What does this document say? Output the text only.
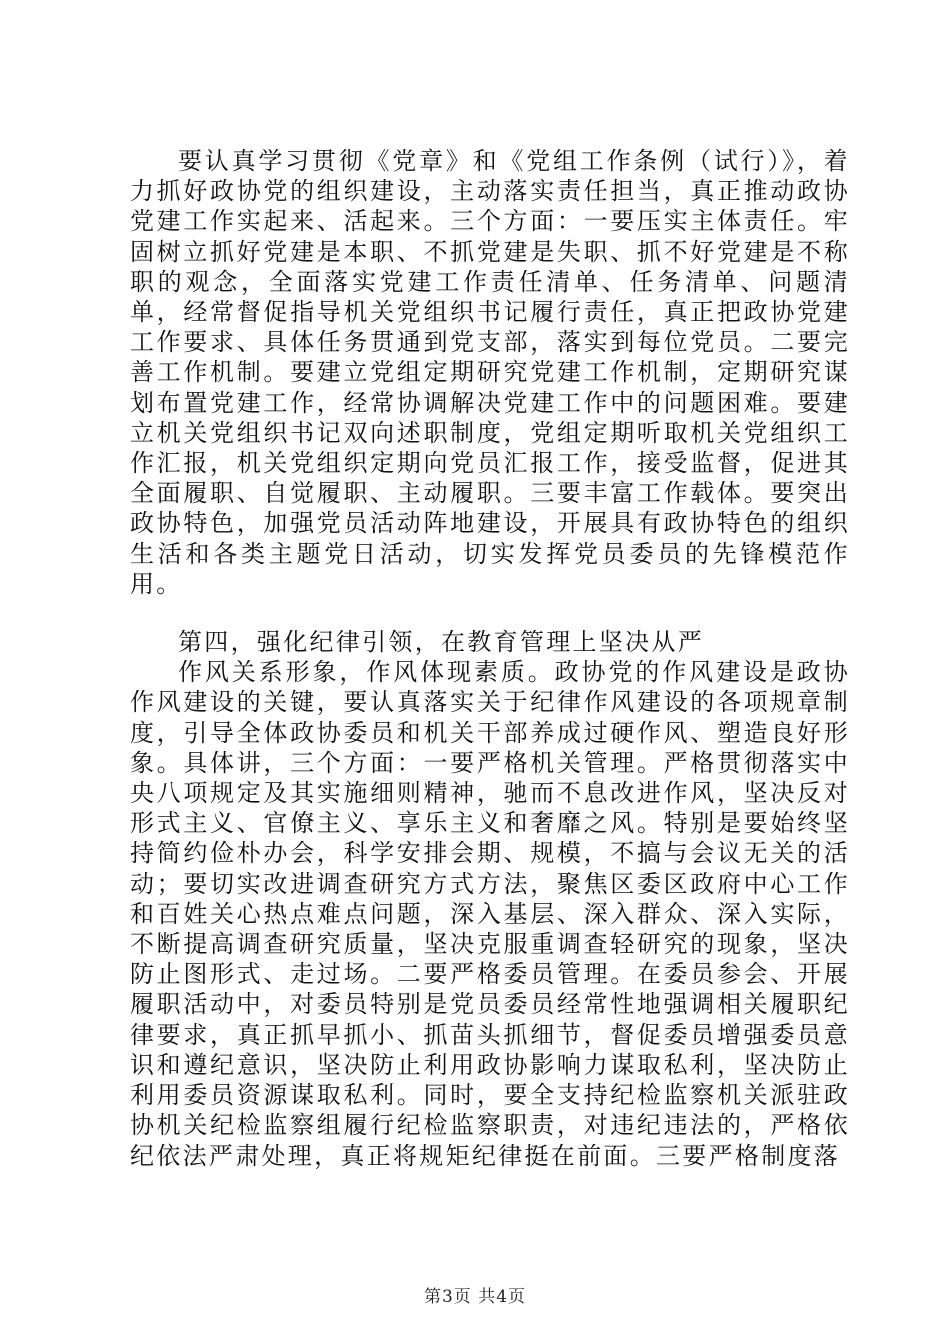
要认真学习贯彻《党章》和《党组工作条例（试行）》，着力抓好政协党的组织建设，主动落实责任担当，真正推动政协党建工作实起来、活起来。三个方面：一要压实主体责任。牢固树立抓好党建是本职、不抓党建是失职、抓不好党建是不称职的观念，全面落实党建工作责任清单、任务清单、问题清单，经常督促指导机关党组织书记履行责任，真正把政协党建工作要求、具体任务贯通到党支部，落实到每位党员。二要完善工作机制。要建立党组定期研究党建工作机制，定期研究谋划布置党建工作，经常协调解决党建工作中的问题困难。要建立机关党组织书记双向述职制度，党组定期听取机关党组织工作汇报，机关党组织定期向党员汇报工作，接受监督，促进其全面履职、自觉履职、主动履职。三要丰富工作载体。要突出政协特色，加强党员活动阵地建设，开展具有政协特色的组织生活和各类主题党日活动，切实发挥党员委员的先锋模范作用。

第四，强化纪律引领，在教育管理上坚决从严

作风关系形象，作风体现素质。政协党的作风建设是政协作风建设的关键，要认真落实关于纪律作风建设的各项规章制度，引导全体政协委员和机关干部养成过硬作风、塑造良好形象。具体讲，三个方面：一要严格机关管理。严格贯彻落实中央八项规定及其实施细则精神，驰而不息改进作风，坚决反对形式主义、官僚主义、享乐主义和奢靡之风。特别是要始终坚持简约俭朴办会，科学安排会期、规模，不搞与会议无关的活动；要切实改进调查研究方式方法，聚焦区委区政府中心工作和百姓关心热点难点问题，深入基层、深入群众、深入实际，不断提高调查研究质量，坚决克服重调查轻研究的现象，坚决防止图形式、走过场。二要严格委员管理。在委员参会、开展履职活动中，对委员特别是党员委员经常性地强调相关履职纪律要求，真正抓早抓小、抓苗头抓细节，督促委员增强委员意识和遵纪意识，坚决防止利用政协影响力谋取私利，坚决防止利用委员资源谋取私利。同时，要全支持纪检监察机关派驻政协机关纪检监察组履行纪检监察职责，对违纪违法的，严格依纪依法严肃处理，真正将规矩纪律挺在前面。三要严格制度落

第3页 共4页
